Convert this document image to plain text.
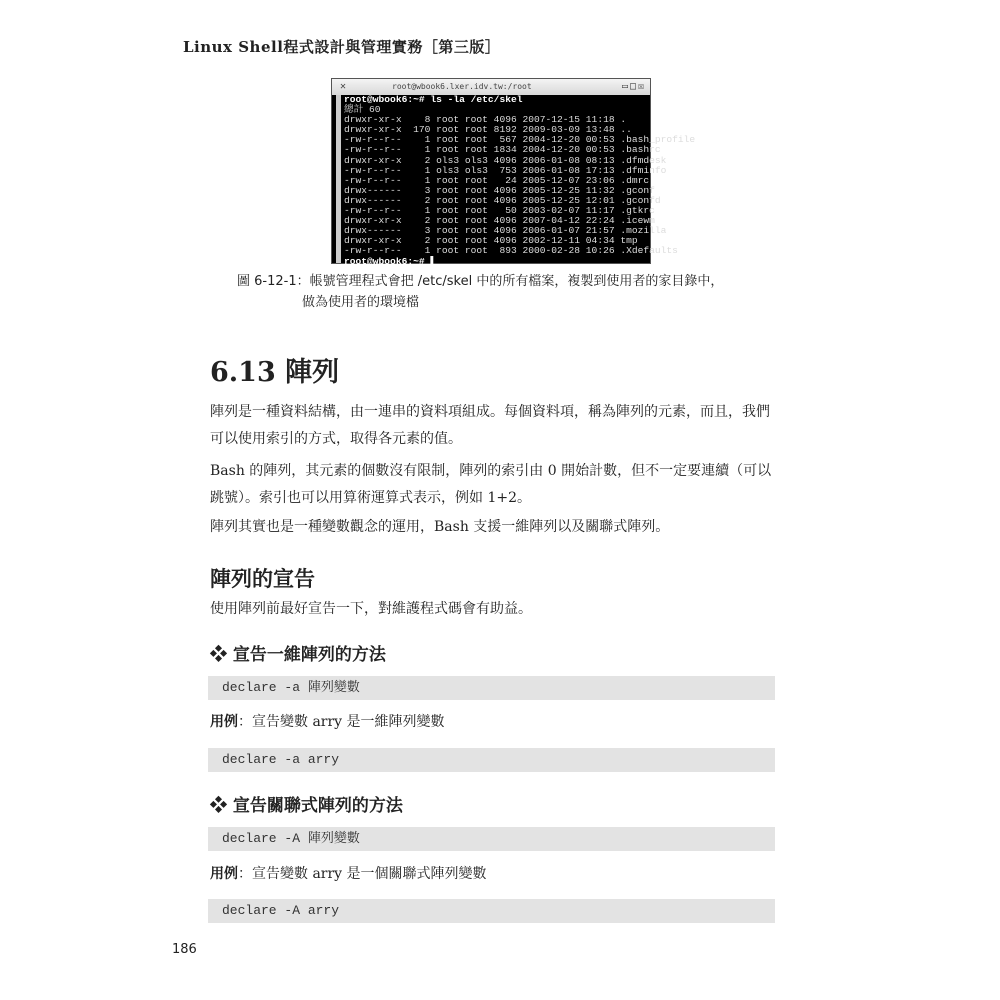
Linux Shell程式設計與管理實務［第三版］
✕	root@wbook6.lxer.idv.tw:/root	▭□☒
root@wbook6:~# ls -la /etc/skel
總計 60
drwxr-xr-x    8 root root 4096 2007-12-15 11:18 .
drwxr-xr-x  170 root root 8192 2009-03-09 13:48 ..
-rw-r--r--    1 root root  567 2004-12-20 00:53 .bash_profile
-rw-r--r--    1 root root 1834 2004-12-20 00:53 .bashrc
drwxr-xr-x    2 ols3 ols3 4096 2006-01-08 08:13 .dfmdesk
-rw-r--r--    1 ols3 ols3  753 2006-01-08 17:13 .dfminfo
-rw-r--r--    1 root root   24 2005-12-07 23:06 .dmrc
drwx------    3 root root 4096 2005-12-25 11:32 .gconf
drwx------    2 root root 4096 2005-12-25 12:01 .gconfd
-rw-r--r--    1 root root   50 2003-02-07 11:17 .gtkrc
drwxr-xr-x    2 root root 4096 2007-04-12 22:24 .icewm
drwx------    3 root root 4096 2006-01-07 21:57 .mozilla
drwxr-xr-x    2 root root 4096 2002-12-11 04:34 tmp
-rw-r--r--    1 root root  893 2000-02-28 10:26 .Xdefaults
root@wbook6:~# ▌
圖 6-12-1：帳號管理程式會把 /etc/skel 中的所有檔案，複製到使用者的家目錄中，
做為使用者的環境檔
6.13 陣列
陣列是一種資料結構，由一連串的資料項組成。每個資料項，稱為陣列的元素，而且，我們可以使用索引的方式，取得各元素的值。
Bash 的陣列，其元素的個數沒有限制，陣列的索引由 0 開始計數，但不一定要連續（可以跳號）。索引也可以用算術運算式表示，例如 1+2。
陣列其實也是一種變數觀念的運用，Bash 支援一維陣列以及關聯式陣列。
陣列的宣告
使用陣列前最好宣告一下，對維護程式碼會有助益。
❖ 宣告一維陣列的方法
declare -a 陣列變數
用例：宣告變數 arry 是一維陣列變數
declare -a arry
❖ 宣告關聯式陣列的方法
declare -A 陣列變數
用例：宣告變數 arry 是一個關聯式陣列變數
declare -A arry
186
